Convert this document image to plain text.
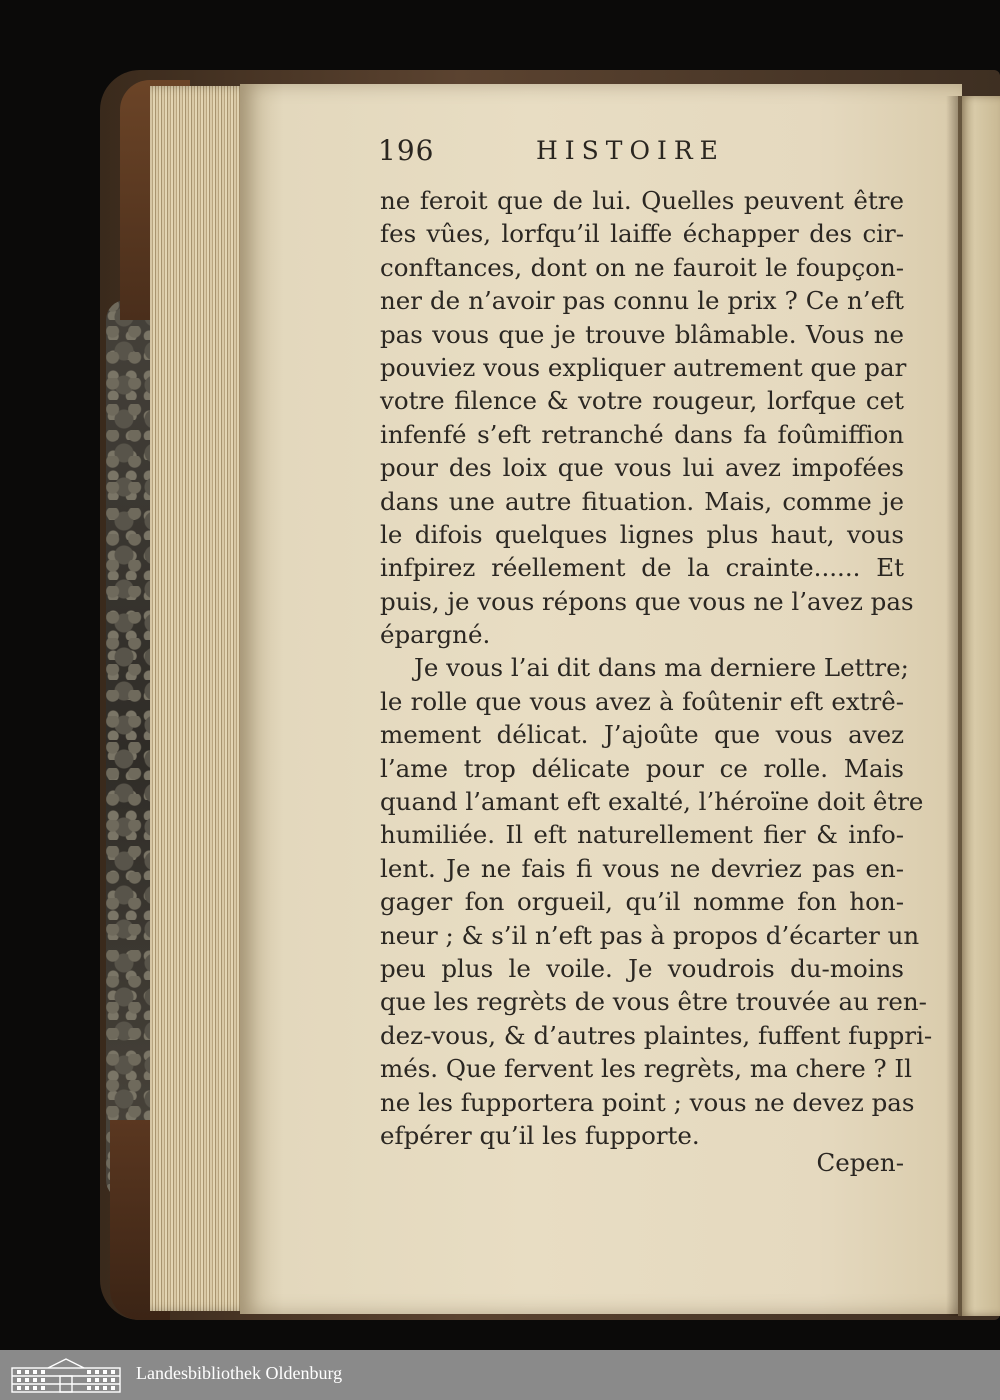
196	HISTOIRE
ne feroit que de lui. Quelles peuvent être
fes vûes, lorfqu’il laiffe échapper des cir-
conftances, dont on ne fauroit le foupçon-
ner de n’avoir pas connu le prix ? Ce n’eft
pas vous que je trouve blâmable. Vous ne
pouviez vous expliquer autrement que par
votre filence & votre rougeur, lorfque cet
infenfé s’eft retranché dans fa foûmiffion
pour des loix que vous lui avez impofées
dans une autre fituation. Mais, comme je
le difois quelques lignes plus haut, vous
infpirez réellement de la crainte...... Et
puis, je vous répons que vous ne l’avez pas
épargné.
Je vous l’ai dit dans ma derniere Lettre;
le rolle que vous avez à foûtenir eft extrê-
mement délicat. J’ajoûte que vous avez
l’ame trop délicate pour ce rolle. Mais
quand l’amant eft exalté, l’héroïne doit être
humiliée. Il eft naturellement fier & info-
lent. Je ne fais fi vous ne devriez pas en-
gager fon orgueil, qu’il nomme fon hon-
neur ; & s’il n’eft pas à propos d’écarter un
peu plus le voile. Je voudrois du-moins
que les regrèts de vous être trouvée au ren-
dez-vous, & d’autres plaintes, fuffent fuppri-
més. Que fervent les regrèts, ma chere ? Il
ne les fupportera point ; vous ne devez pas
efpérer qu’il les fupporte.
Cepen-
Landesbibliothek Oldenburg
